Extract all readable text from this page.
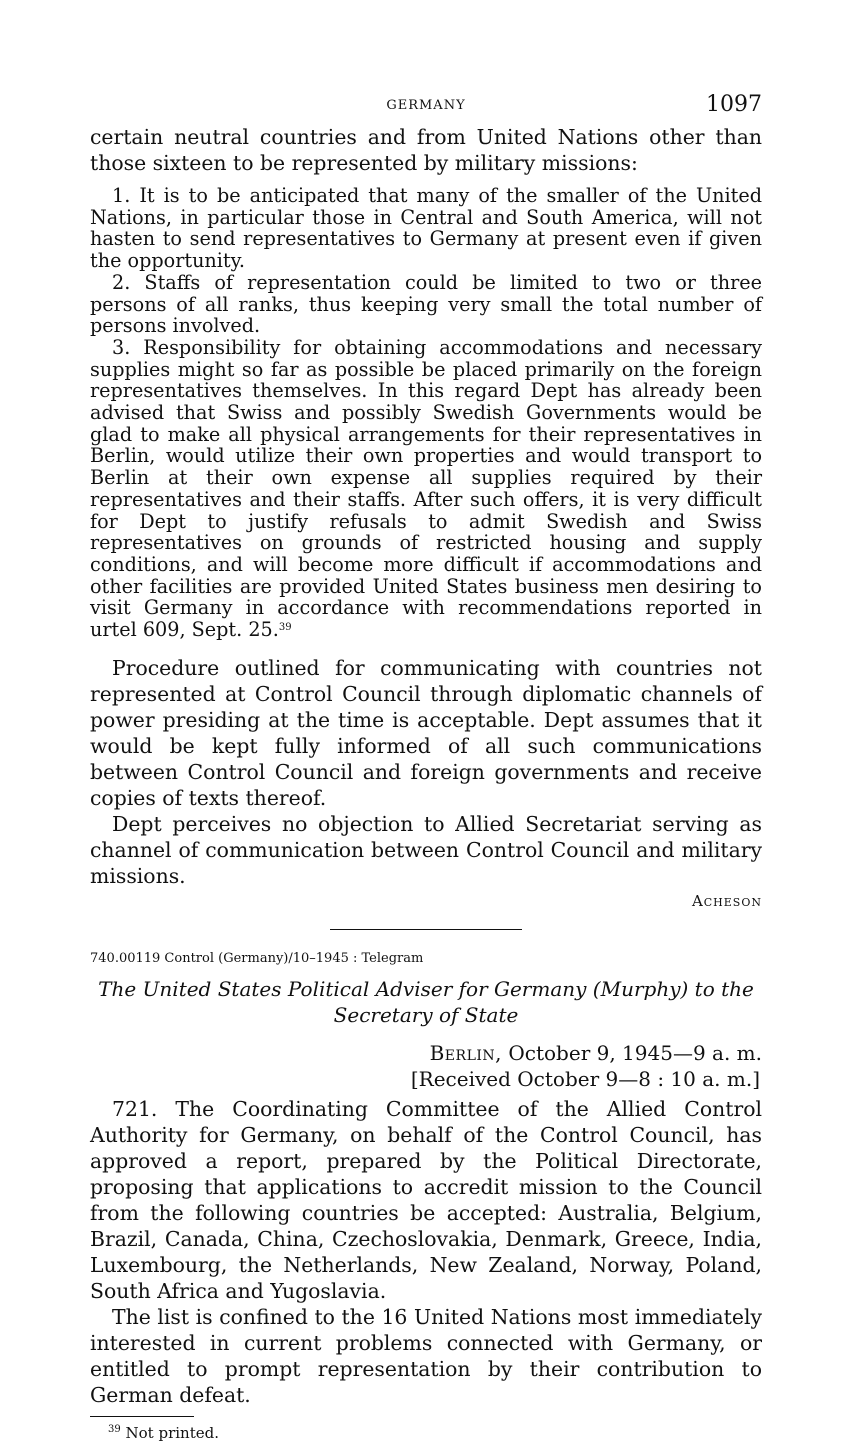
GERMANY	1097

certain neutral countries and from United Nations other than those sixteen to be represented by military missions:

1. It is to be anticipated that many of the smaller of the United Nations, in particular those in Central and South America, will not hasten to send representatives to Germany at present even if given the opportunity.

2. Staffs of representation could be limited to two or three persons of all ranks, thus keeping very small the total number of persons involved.

3. Responsibility for obtaining accommodations and necessary supplies might so far as possible be placed primarily on the foreign representatives themselves. In this regard Dept has already been advised that Swiss and possibly Swedish Governments would be glad to make all physical arrangements for their representatives in Berlin, would utilize their own properties and would transport to Berlin at their own expense all supplies required by their representatives and their staffs. After such offers, it is very difficult for Dept to justify refusals to admit Swedish and Swiss representatives on grounds of restricted housing and supply conditions, and will become more difficult if accommodations and other facilities are provided United States business men desiring to visit Germany in accordance with recommendations reported in urtel 609, Sept. 25.39

Procedure outlined for communicating with countries not represented at Control Council through diplomatic channels of power presiding at the time is acceptable. Dept assumes that it would be kept fully informed of all such communications between Control Council and foreign governments and receive copies of texts thereof.

Dept perceives no objection to Allied Secretariat serving as channel of communication between Control Council and military missions.

Acheson
740.00119 Control (Germany)/10–1945 : Telegram
The United States Political Adviser for Germany (Murphy) to the Secretary of State
Berlin, October 9, 1945—9 a. m.
[Received October 9—8 : 10 a. m.]

721. The Coordinating Committee of the Allied Control Authority for Germany, on behalf of the Control Council, has approved a report, prepared by the Political Directorate, proposing that applications to accredit mission to the Council from the following countries be accepted: Australia, Belgium, Brazil, Canada, China, Czechoslovakia, Denmark, Greece, India, Luxembourg, the Netherlands, New Zealand, Norway, Poland, South Africa and Yugoslavia.

The list is confined to the 16 United Nations most immediately interested in current problems connected with Germany, or entitled to prompt representation by their contribution to German defeat.

$^{39}$ Not printed.
